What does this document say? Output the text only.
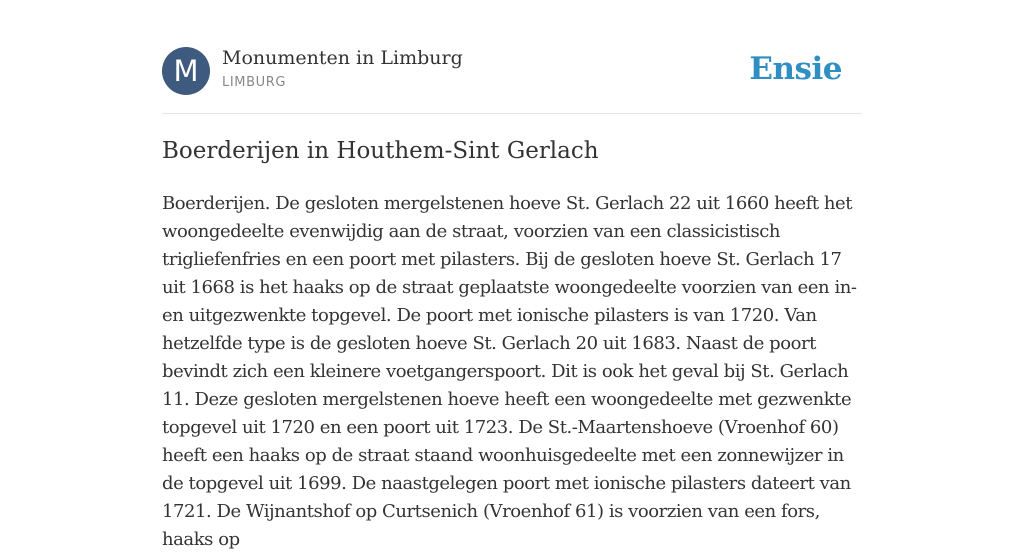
M	Monumenten in Limburg
LIMBURG	Ensie
Boerderijen in Houthem-Sint Gerlach

Boerderijen. De gesloten mergelstenen hoeve St. Gerlach 22 uit 1660 heeft het woongedeelte evenwijdig aan de straat, voorzien van een classicistisch trigliefenfries en een poort met pilasters. Bij de gesloten hoeve St. Gerlach 17 uit 1668 is het haaks op de straat geplaatste woongedeelte voorzien van een in- en uitgezwenkte topgevel. De poort met ionische pilasters is van 1720. Van hetzelfde type is de gesloten hoeve St. Gerlach 20 uit 1683. Naast de poort bevindt zich een kleinere voetgangerspoort. Dit is ook het geval bij St. Gerlach 11. Deze gesloten mergelstenen hoeve heeft een woongedeelte met gezwenkte topgevel uit 1720 en een poort uit 1723. De St.-Maartenshoeve (Vroenhof 60) heeft een haaks op de straat staand woonhuisgedeelte met een zonnewijzer in de topgevel uit 1699. De naastgelegen poort met ionische pilasters dateert van 1721. De Wijnantshof op Curtsenich (Vroenhof 61) is voorzien van een fors, haaks op
